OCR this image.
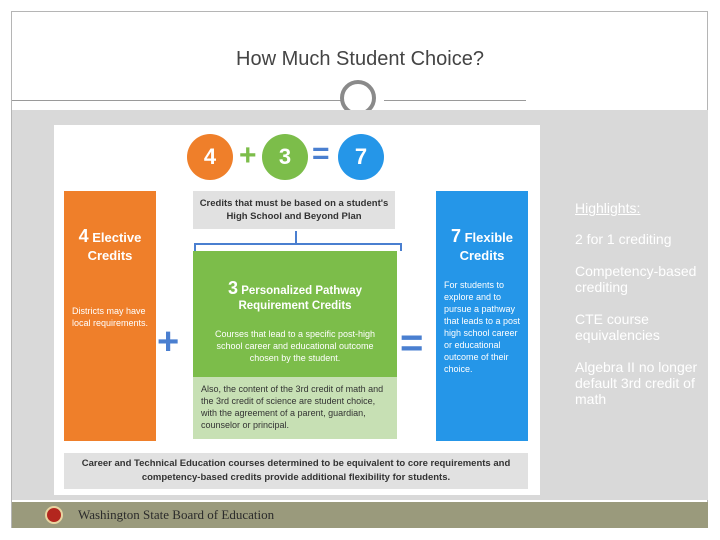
How Much Student Choice?
4 +	3 =	7
Credits that must be based on a student's High School and Beyond Plan
4 Elective Credits
Districts may have local requirements. +
3 Personalized Pathway Requirement Credits
Courses that lead to a specific post-high school career and educational outcome chosen by the student.
Also, the content of the 3rd credit of math and the 3rd credit of science are student choice, with the agreement of a parent, guardian, counselor or principal.
=
7 Flexible Credits
For students to explore and to pursue a pathway that leads to a post high school career or educational outcome of their choice.
Career and Technical Education courses determined to be equivalent to core requirements and competency-based credits provide additional flexibility for students.
Highlights:
2 for 1 crediting
Competency-based crediting
CTE course equivalencies
Algebra II no longer default 3rd credit of math
Washington State Board of Education
